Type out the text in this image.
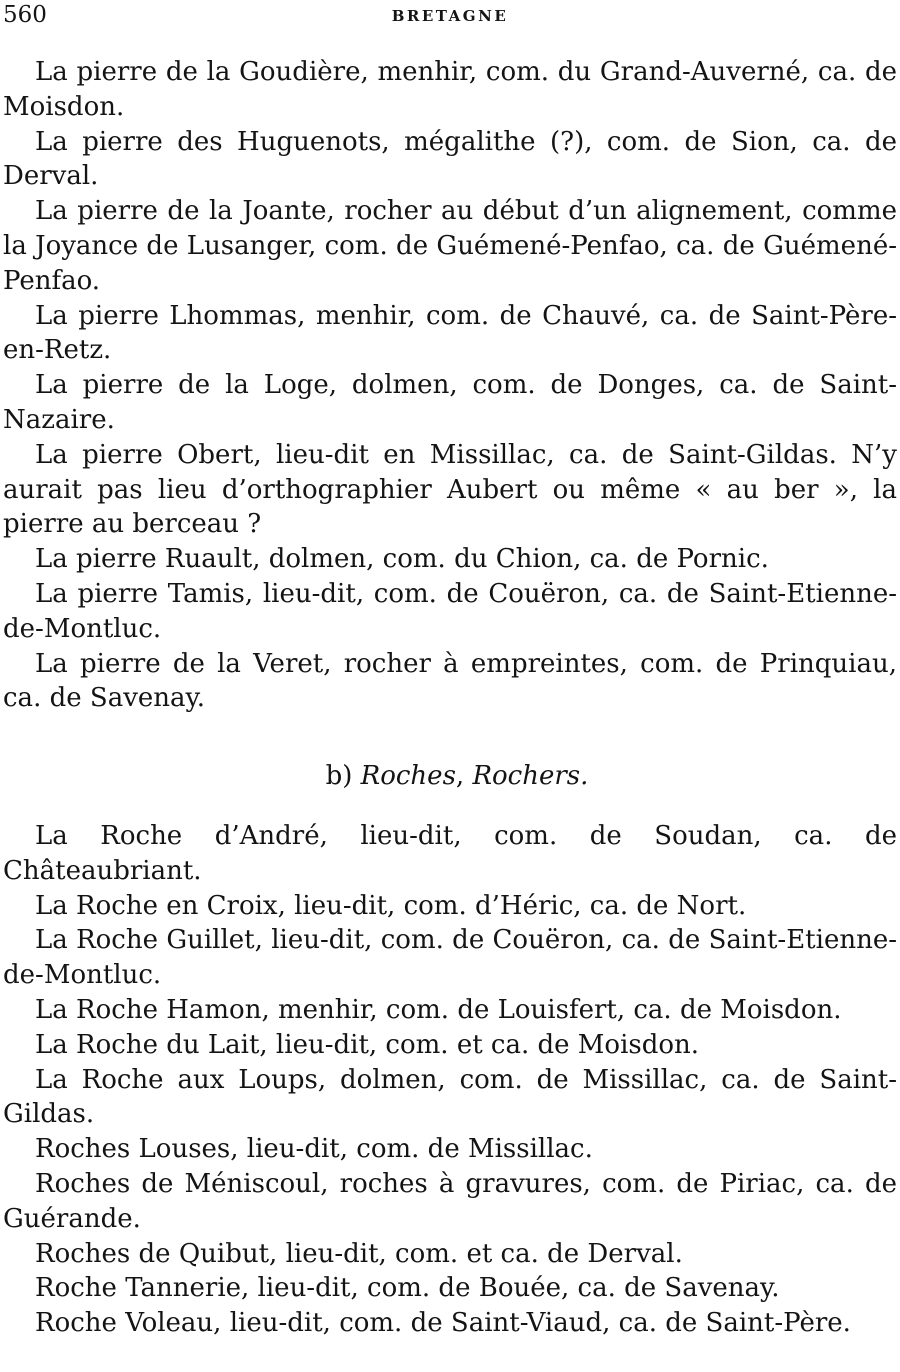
560	BRETAGNE

La pierre de la Goudière, menhir, com. du Grand-Auverné, ca. de Moisdon.

La pierre des Huguenots, mégalithe (?), com. de Sion, ca. de Derval.

La pierre de la Joante, rocher au début d’un alignement, comme la Joyance de Lusanger, com. de Guémené-Penfao, ca. de Guémené-Penfao.

La pierre Lhommas, menhir, com. de Chauvé, ca. de Saint-Père-en-Retz.

La pierre de la Loge, dolmen, com. de Donges, ca. de Saint-Nazaire.

La pierre Obert, lieu-dit en Missillac, ca. de Saint-Gildas. N’y aurait pas lieu d’orthographier Aubert ou même « au ber », la pierre au berceau ?

La pierre Ruault, dolmen, com. du Chion, ca. de Pornic.

La pierre Tamis, lieu-dit, com. de Couëron, ca. de Saint-Etienne-de-Montluc.

La pierre de la Veret, rocher à empreintes, com. de Prinquiau, ca. de Savenay.

b) Roches, Rochers.

La Roche d’André, lieu-dit, com. de Soudan, ca. de Châteaubriant.

La Roche en Croix, lieu-dit, com. d’Héric, ca. de Nort.

La Roche Guillet, lieu-dit, com. de Couëron, ca. de Saint-Etienne-de-Montluc.

La Roche Hamon, menhir, com. de Louisfert, ca. de Moisdon.

La Roche du Lait, lieu-dit, com. et ca. de Moisdon.

La Roche aux Loups, dolmen, com. de Missillac, ca. de Saint-Gildas.

Roches Louses, lieu-dit, com. de Missillac.

Roches de Méniscoul, roches à gravures, com. de Piriac, ca. de Guérande.

Roches de Quibut, lieu-dit, com. et ca. de Derval.

Roche Tannerie, lieu-dit, com. de Bouée, ca. de Savenay.

Roche Voleau, lieu-dit, com. de Saint-Viaud, ca. de Saint-Père.
